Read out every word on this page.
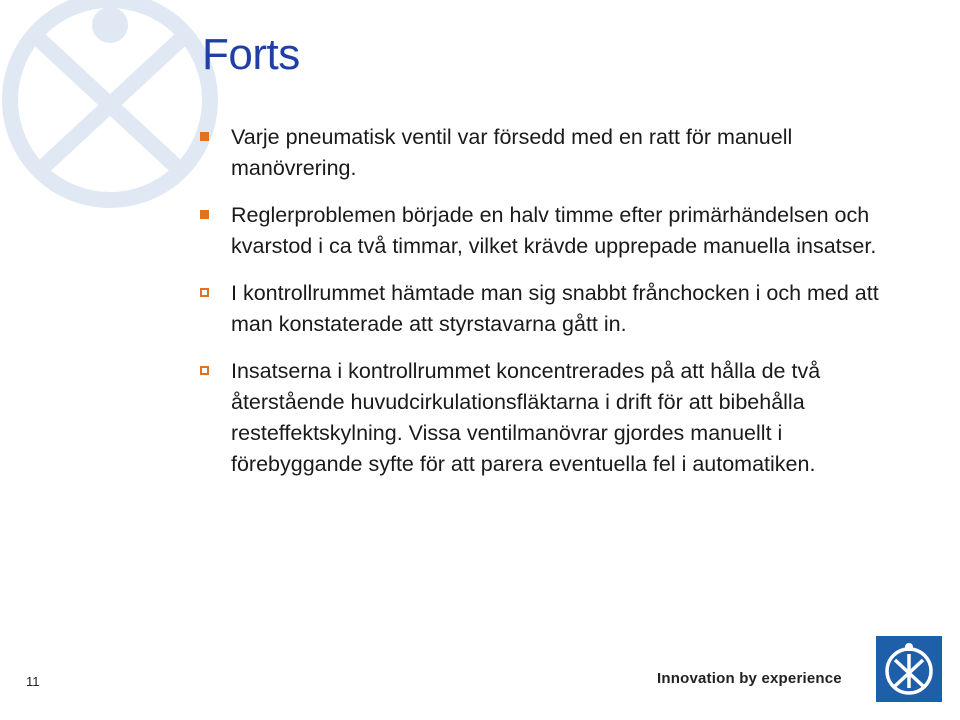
Forts
Varje pneumatisk ventil var försedd med en ratt för manuell manövrering.
Reglerproblemen började en halv timme efter primärhändelsen och kvarstod i ca två timmar, vilket krävde upprepade manuella insatser.
I kontrollrummet hämtade man sig snabbt frånchocken i och med att man konstaterade att styrstavarna gått in.
Insatserna i kontrollrummet koncentrerades på att hålla de två återstående huvudcirkulationsfläktarna i drift för att bibehålla resteffektskylning. Vissa ventilmanövrar gjordes manuellt i förebyggande syfte för att parera eventuella fel i automatiken.
11	Innovation by experience
